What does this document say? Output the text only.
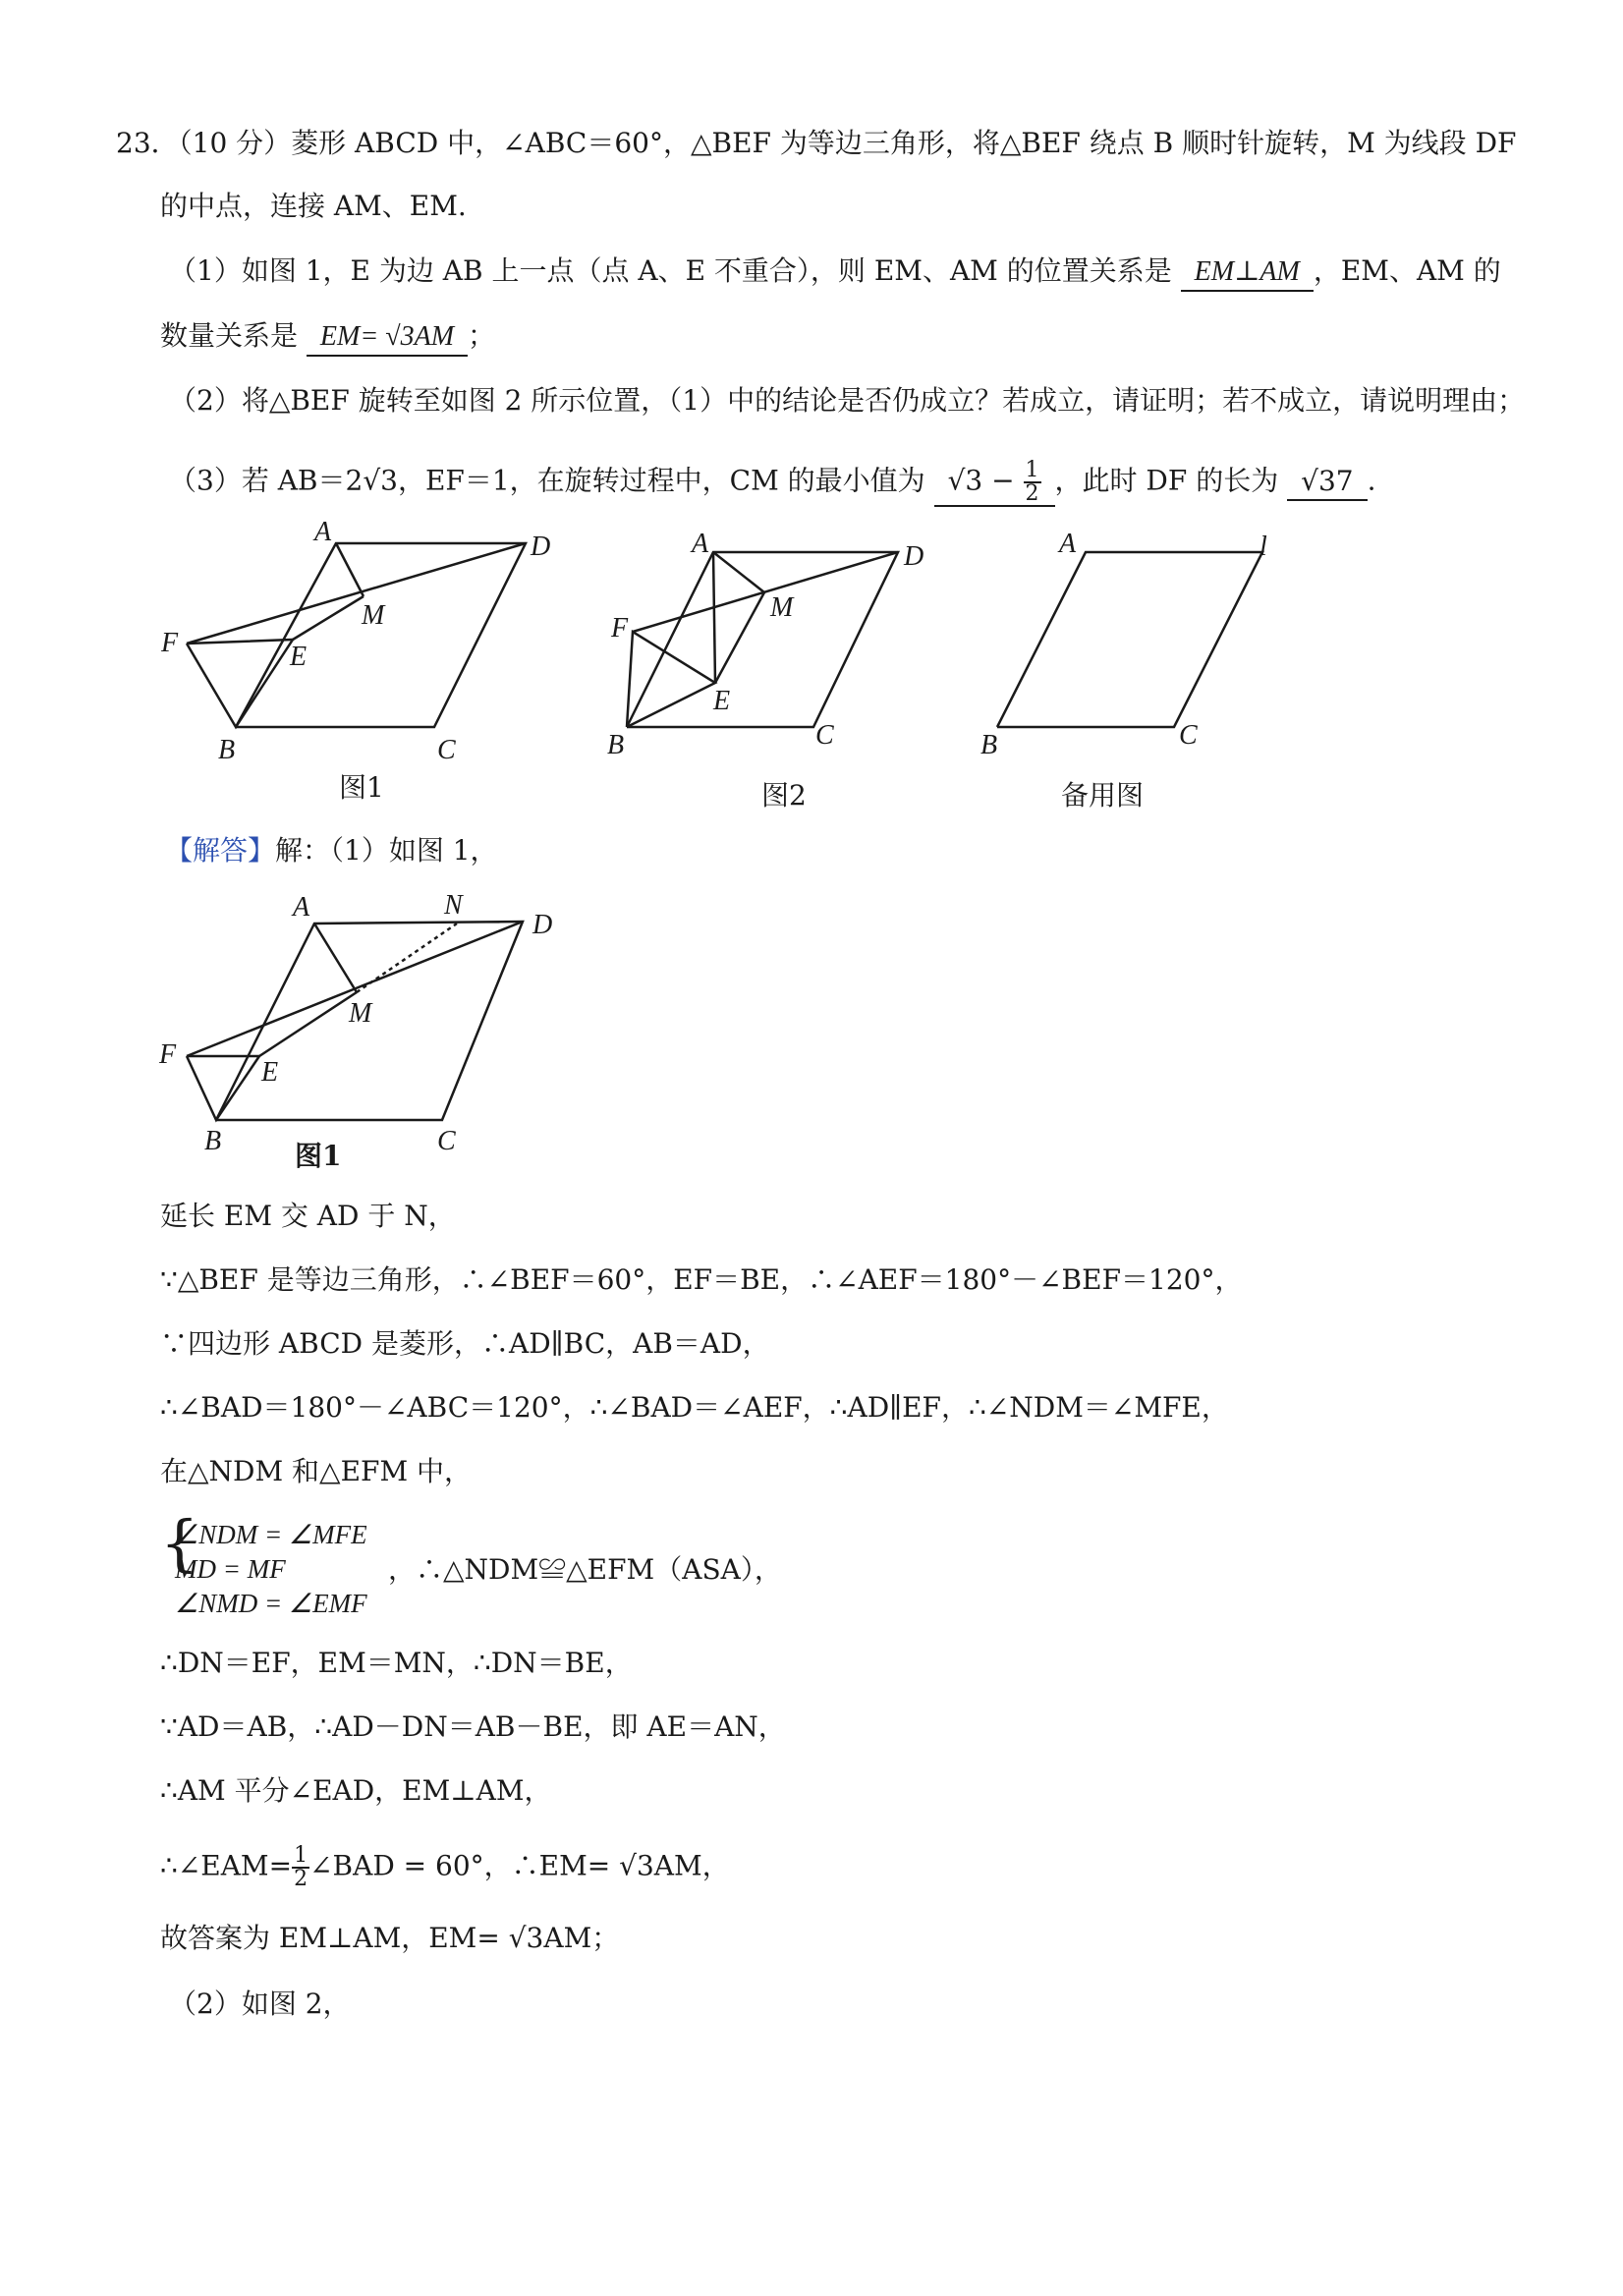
23．（10 分）菱形 ABCD 中，∠ABC＝60°，△BEF 为等边三角形，将△BEF 绕点 B 顺时针旋转，M 为线段 DF
的中点，连接 AM、EM.
（1）如图 1，E 为边 AB 上一点（点 A、E 不重合），则 EM、AM 的位置关系是 EM⊥AM ，EM、AM 的
数量关系是 EM= √3AM ；
（2）将△BEF 旋转至如图 2 所示位置，（1）中的结论是否仍成立？若成立，请证明；若不成立，请说明理由；
（3）若 AB＝2√3，EF＝1，在旋转过程中，CM 的最小值为 $√3 - \frac{1}{2}$ ，此时 DF 的长为 √37 .
A
B	C
D
E
F
M
图1
A
B	C
D
E
F
M
图2
A
B	C
l
备用图
【解答】解：（1）如图 1，
A
B	C
D
E
F
M
N
图1
延长 EM 交 AD 于 N，
∵△BEF 是等边三角形，∴∠BEF＝60°，EF＝BE，∴∠AEF＝180°－∠BEF＝120°，
∵四边形 ABCD 是菱形，∴AD∥BC，AB＝AD，
∴∠BAD＝180°－∠ABC＝120°，∴∠BAD＝∠AEF，∴AD∥EF，∴∠NDM＝∠MFE，
在△NDM 和△EFM 中，
{
∠NDM = ∠MFE
MD = MF
∠NMD = ∠EMF
，∴△NDM≌△EFM（ASA），
∴DN＝EF，EM＝MN，∴DN＝BE，
∵AD＝AB，∴AD－DN＝AB－BE，即 AE＝AN，
∴AM 平分∠EAD，EM⊥AM，
∴∠EAM= $\frac{1}{2}$ ∠BAD = 60°，∴EM= √3AM，
故答案为 EM⊥AM，EM= √3AM；
（2）如图 2，
